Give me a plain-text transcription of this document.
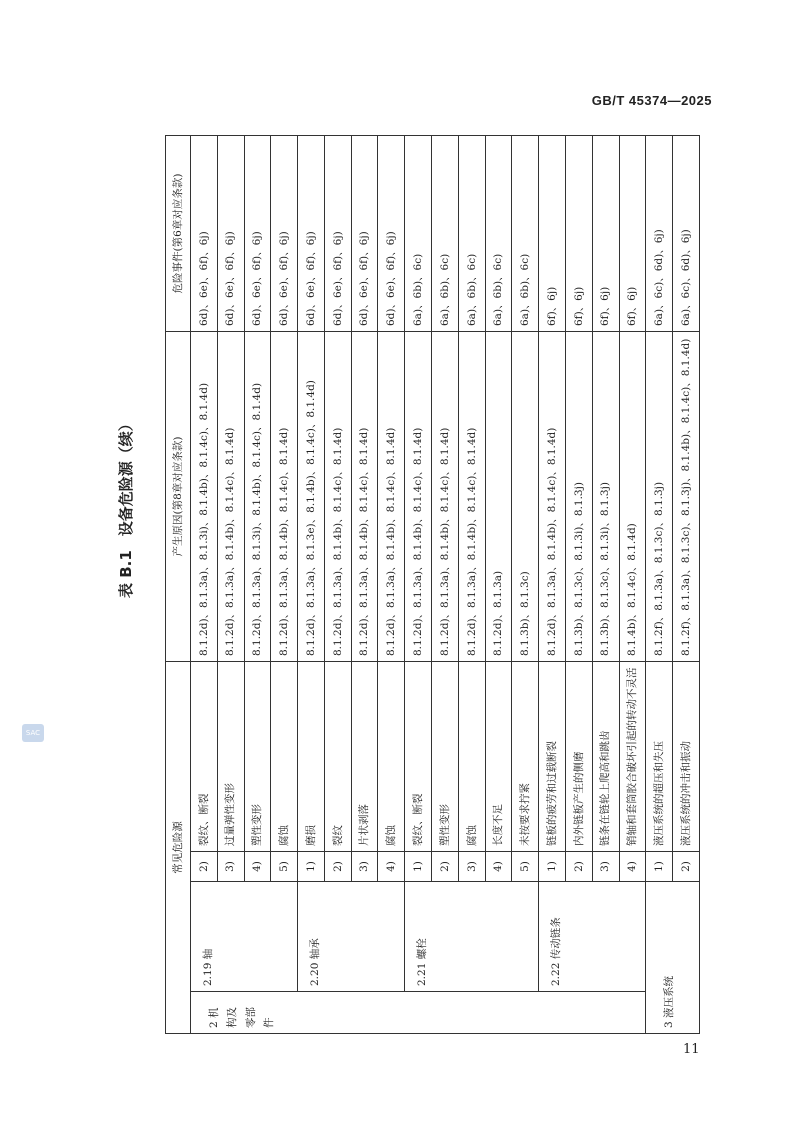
GB/T 45374—2025
SAC
表 B.1设备危险源（续）
常见危险源				产生原因(第8章对应条款)	危险事件(第6章对应条款)
2 机构及零部件	2.19 轴	2)	裂纹、断裂	8.1.2d)、8.1.3a)、8.1.3i)、8.1.4b)、8.1.4c)、8.1.4d)	6d)、6e)、6f)、6j)
		3)	过量弹性变形	8.1.2d)、8.1.3a)、8.1.4b)、8.1.4c)、8.1.4d)	6d)、6e)、6f)、6j)
		4)	塑性变形	8.1.2d)、8.1.3a)、8.1.3i)、8.1.4b)、8.1.4c)、8.1.4d)	6d)、6e)、6f)、6j)
		5)	腐蚀	8.1.2d)、8.1.3a)、8.1.4b)、8.1.4c)、8.1.4d)	6d)、6e)、6f)、6j)
	2.20 轴承	1)	磨损	8.1.2d)、8.1.3a)、8.1.3e)、8.1.4b)、8.1.4c)、8.1.4d)	6d)、6e)、6f)、6j)
		2)	裂纹	8.1.2d)、8.1.3a)、8.1.4b)、8.1.4c)、8.1.4d)	6d)、6e)、6f)、6j)
		3)	片状剥落	8.1.2d)、8.1.3a)、8.1.4b)、8.1.4c)、8.1.4d)	6d)、6e)、6f)、6j)
		4)	腐蚀	8.1.2d)、8.1.3a)、8.1.4b)、8.1.4c)、8.1.4d)	6d)、6e)、6f)、6j)
	2.21 螺栓	1)	裂纹、断裂	8.1.2d)、8.1.3a)、8.1.4b)、8.1.4c)、8.1.4d)	6a)、6b)、6c)
		2)	塑性变形	8.1.2d)、8.1.3a)、8.1.4b)、8.1.4c)、8.1.4d)	6a)、6b)、6c)
		3)	腐蚀	8.1.2d)、8.1.3a)、8.1.4b)、8.1.4c)、8.1.4d)	6a)、6b)、6c)
		4)	长度不足	8.1.2d)、8.1.3a)	6a)、6b)、6c)
		5)	未按要求拧紧	8.1.3b)、8.1.3c)	6a)、6b)、6c)
	2.22 传动链条	1)	链板的疲劳和过载断裂	8.1.2d)、8.1.3a)、8.1.4b)、8.1.4c)、8.1.4d)	6f)、6j)
		2)	内外链板产生的侧磨	8.1.3b)、8.1.3c)、8.1.3i)、8.1.3j)	6f)、6j)
		3)	链条在链轮上爬高和跳齿	8.1.3b)、8.1.3c)、8.1.3i)、8.1.3j)	6f)、6j)
		4)	销轴和套筒胶合破坏引起的转动不灵活	8.1.4b)、8.1.4c)、8.1.4d)	6f)、6j)
3 液压系统		1)	液压系统的超压和失压	8.1.2f)、8.1.3a)、8.1.3c)、8.1.3j)	6a)、6c)、6d)、6j)
		2)	液压系统的冲击和振动	8.1.2f)、8.1.3a)、8.1.3c)、8.1.3j)、8.1.4b)、8.1.4c)、8.1.4d)	6a)、6c)、6d)、6j)
11
